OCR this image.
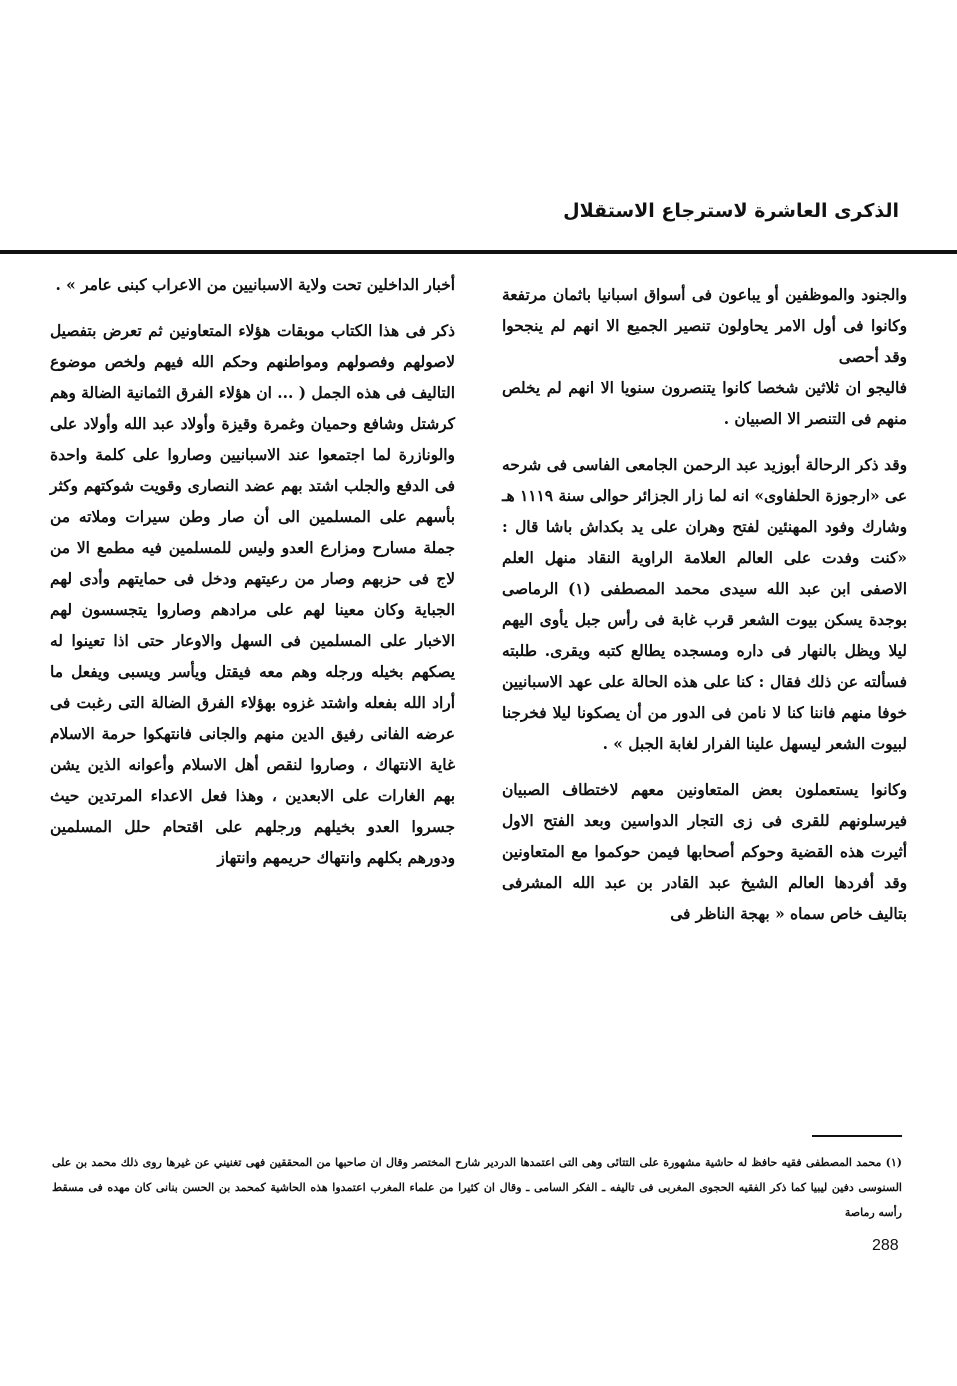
الذكرى العاشرة لاسترجاع الاستقلال

والجنود والموظفين أو يباعون فى أسواق اسبانيا باثمان مرتفعة وكانوا فى أول الامر يحاولون تنصير الجميع الا انهم لم ينجحوا وقد أحصى

فاليجو ان ثلاثين شخصا كانوا يتنصرون سنويا الا انهم لم يخلص منهم فى التنصر الا الصبيان .

وقد ذكر الرحالة أبوزيد عبد الرحمن الجامعى الفاسى فى شرحه عى «ارجوزة الحلفاوى» انه لما زار الجزائر حوالى سنة ١١١٩ هـ وشارك وفود المهنئين لفتح وهران على يد بكداش باشا قال : «كنت وفدت على العالم العلامة الراوية النقاد منهل العلم الاصفى ابن عبد الله سيدى محمد المصطفى (١) الرماصى بوجدة يسكن بيوت الشعر قرب غابة فى رأس جبل يأوى اليهم ليلا ويظل بالنهار فى داره ومسجده يطالع كتبه ويقرى. طلبته فسألته عن ذلك فقال : كنا على هذه الحالة على عهد الاسبانيين خوفا منهم فاننا كنا لا نامن فى الدور من أن يصكونا ليلا فخرجنا لبيوت الشعر ليسهل علينا الفرار لغابة الجبل » .

وكانوا يستعملون بعض المتعاونين معهم لاختطاف الصبيان فيرسلونهم للقرى فى زى التجار الدواسين وبعد الفتح الاول أثيرت هذه القضية وحوكم أصحابها فيمن حوكموا مع المتعاونين وقد أفردها العالم الشيخ عبد القادر بن عبد الله المشرفى بتاليف خاص سماه « بهجة الناظر فى

أخبار الداخلين تحت ولاية الاسبانيين من الاعراب كبنى عامر » .

ذكر فى هذا الكتاب موبقات هؤلاء المتعاونين ثم تعرض بتفصيل لاصولهم وفصولهم ومواطنهم وحكم الله فيهم ولخص موضوع التاليف فى هذه الجمل ( ... ان هؤلاء الفرق الثمانية الضالة وهم كرشتل وشافع وحميان وغمرة وقيزة وأولاد عبد الله وأولاد على والونازرة لما اجتمعوا عند الاسبانيين وصاروا على كلمة واحدة فى الدفع والجلب اشتد بهم عضد النصارى وقويت شوكتهم وكثر بأسهم على المسلمين الى أن صار وطن سيرات وملاته من جملة مسارح ومزارع العدو وليس للمسلمين فيه مطمع الا من لاج فى حزبهم وصار من رعيتهم ودخل فى حمايتهم وأدى لهم الجباية وكان معينا لهم على مرادهم وصاروا يتجسسون لهم الاخبار على المسلمين فى السهل والاوعار حتى اذا تعينوا له يصكهم بخيله ورجله وهم معه فيقتل ويأسر ويسبى ويفعل ما أراد الله بفعله واشتد غزوه بهؤلاء الفرق الضالة التى رغبت فى عرضه الفانى رفيق الدين منهم والجانى فانتهكوا حرمة الاسلام غاية الانتهاك ، وصاروا لنقص أهل الاسلام وأعوانه الذين يشن بهم الغارات على الابعدين ، وهذا فعل الاعداء المرتدين حيث جسروا العدو بخيلهم ورجلهم على اقتحام حلل المسلمين ودورهم بكلهم وانتهاك حريمهم وانتهاز

(١) محمد المصطفى فقيه حافظ له حاشية مشهورة على التتائى وهى التى اعتمدها الدردير شارح المختصر وقال ان صاحبها من المحققين فهى تغنيني عن غيرها روى ذلك محمد بن على السنوسى دفين ليبيا كما ذكر الفقيه الحجوى المغربى فى تاليفه ـ الفكر السامى ـ وقال ان كثيرا من علماء المغرب اعتمدوا هذه الحاشية كمحمد بن الحسن بنانى كان مهده فى مسقط رأسه رماصة

288
